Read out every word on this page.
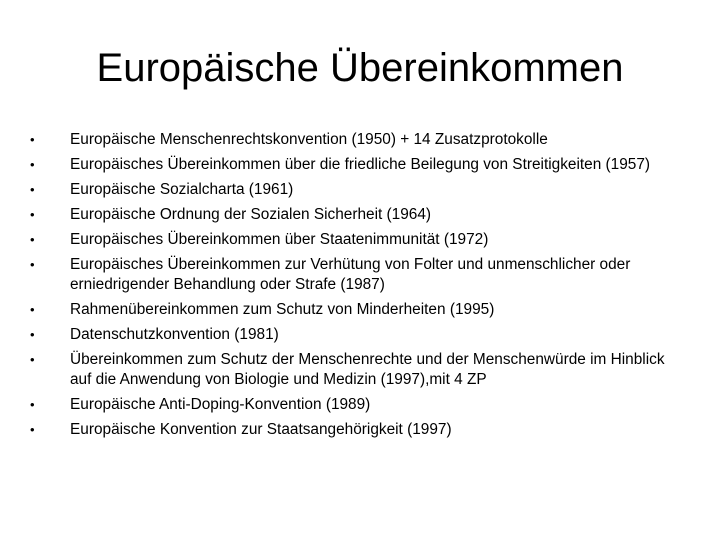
Europäische Übereinkommen
•	Europäische Menschenrechtskonvention (1950) + 14 Zusatzprotokolle
•	Europäisches Übereinkommen über die friedliche Beilegung von Streitigkeiten (1957)
•	Europäische Sozialcharta (1961)
•	Europäische Ordnung der Sozialen Sicherheit (1964)
•	Europäisches Übereinkommen über Staatenimmunität (1972)
•	Europäisches Übereinkommen zur Verhütung von Folter und unmenschlicher oder erniedrigender Behandlung oder Strafe (1987)
•	Rahmenübereinkommen zum Schutz von Minderheiten (1995)
•	Datenschutzkonvention (1981)
•	Übereinkommen zum Schutz der Menschenrechte und der Menschenwürde im Hinblick auf die Anwendung von Biologie und Medizin (1997),mit 4 ZP
•	Europäische Anti-Doping-Konvention (1989)
•	Europäische Konvention zur Staatsangehörigkeit (1997)
